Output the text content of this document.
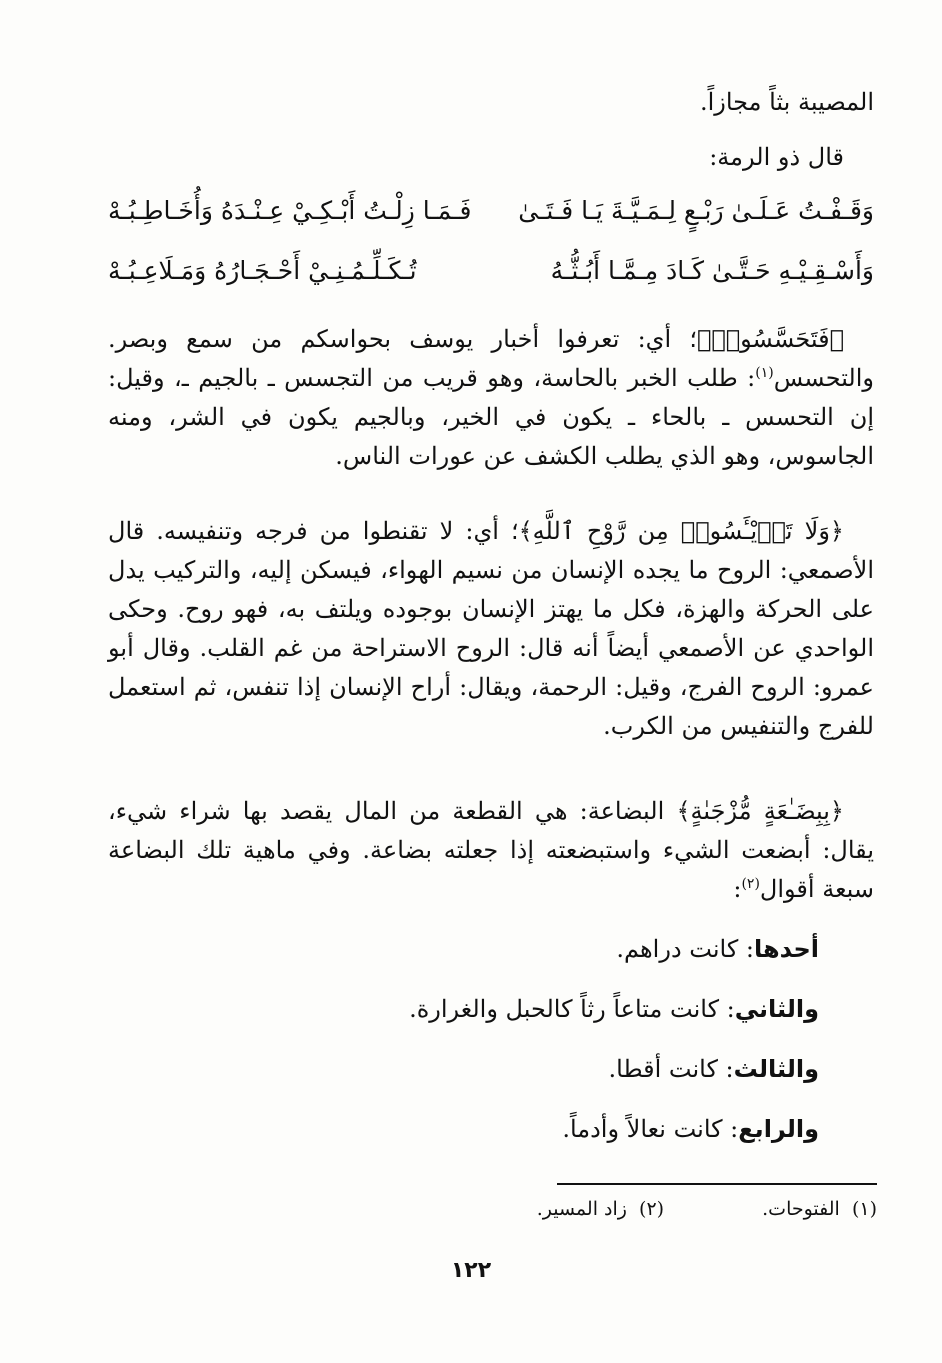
المصيبة بثاً مجازاً.
قال ذو الرمة:
وَقَـفْـتُ عَـلَـىٰ رَبْـعٍ لِـمَـيَّـةَ يَـا فَـتَـىٰ
فَـمَـا زِلْـتُ أَبْـكِـيْ عِـنْـدَهُ وَأُخَـاطِـبُـهْ
وَأَسْـقِـيْـهِ حَـتَّـىٰ كَـادَ مِـمَّـا أَبُـثُّـهُ
تُـكَـلِّـمُـنِـيْ أَحْـجَـارُهُ وَمَـلَاعِـبُـهْ

﴿فَتَحَسَّسُوا۟﴾؛ أي: تعرفوا أخبار يوسف بحواسكم من سمع وبصر. والتحسس$^{(١)}$: طلب الخبر بالحاسة، وهو قريب من التجسس ـ بالجيم ـ، وقيل: إن التحسس ـ بالحاء ـ يكون في الخير، وبالجيم يكون في الشر، ومنه الجاسوس، وهو الذي يطلب الكشف عن عورات الناس.

﴿وَلَا تَا۟يْـَٔسُوا۟ مِن رَّوْحِ ٱللَّهِ﴾؛ أي: لا تقنطوا من فرجه وتنفيسه. قال الأصمعي: الروح ما يجده الإنسان من نسيم الهواء، فيسكن إليه، والتركيب يدل على الحركة والهزة، فكل ما يهتز الإنسان بوجوده ويلتف به، فهو روح. وحكى الواحدي عن الأصمعي أيضاً أنه قال: الروح الاستراحة من غم القلب. وقال أبو عمرو: الروح الفرج، وقيل: الرحمة، ويقال: أراح الإنسان إذا تنفس، ثم استعمل للفرج والتنفيس من الكرب.

﴿بِبِضَـٰعَةٍ مُّزْجَىٰةٍ﴾ البضاعة: هي القطعة من المال يقصد بها شراء شيء، يقال: أبضعت الشيء واستبضعته إذا جعلته بضاعة. وفي ماهية تلك البضاعة سبعة أقوال$^{(٢)}$:

أحدها: كانت دراهم.
والثاني: كانت متاعاً رثاً كالحبل والغرارة.
والثالث: كانت أقطا.
والرابع: كانت نعالاً وأدماً.
(١)  الفتوحات. (٢)  زاد المسير.
١٢٢
